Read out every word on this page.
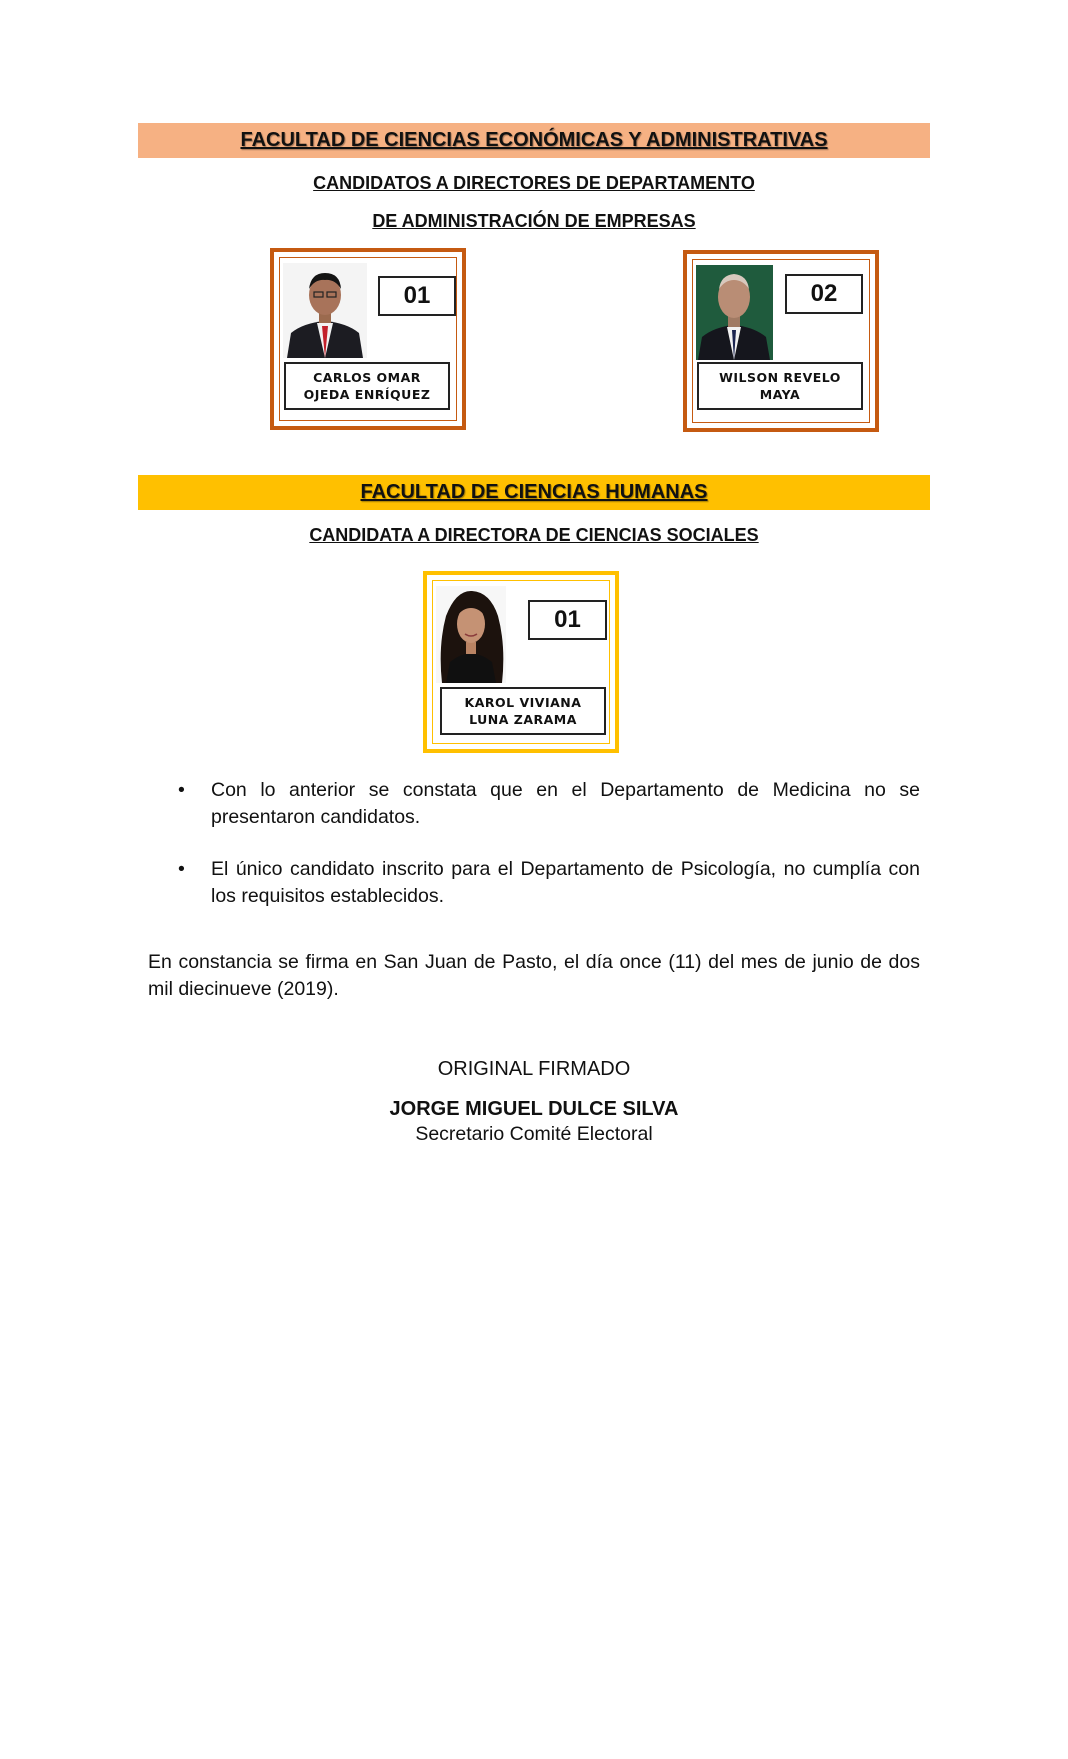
FACULTAD DE CIENCIAS ECONÓMICAS Y ADMINISTRATIVAS
CANDIDATOS A DIRECTORES DE DEPARTAMENTO
DE ADMINISTRACIÓN DE EMPRESAS
01
CARLOS OMAR OJEDA ENRÍQUEZ
02
WILSON REVELO MAYA
FACULTAD DE CIENCIAS HUMANAS
CANDIDATA A DIRECTORA DE CIENCIAS SOCIALES
01
KAROL VIVIANA LUNA ZARAMA
•	Con lo anterior se constata que en el Departamento de Medicina no se presentaron candidatos.
•	El único candidato inscrito para el Departamento de Psicología, no cumplía con los requisitos establecidos.
En constancia se firma en San Juan de Pasto, el día once (11) del mes de junio de dos mil diecinueve (2019).
ORIGINAL FIRMADO
JORGE MIGUEL DULCE SILVA
Secretario Comité Electoral
